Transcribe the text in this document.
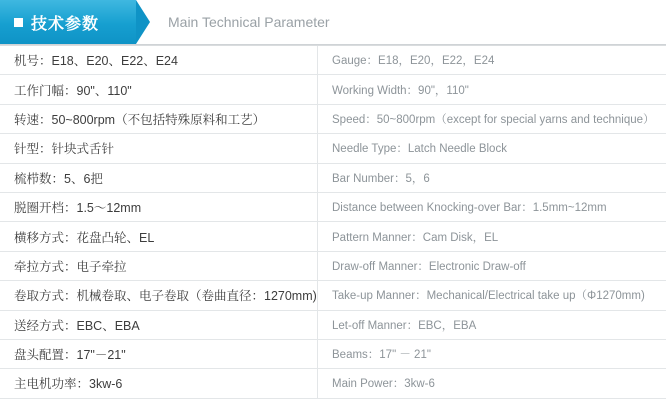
技术参数	Main Technical Parameter
机号：E18、E20、E22、E24	Gauge：E18，E20，E22，E24
工作门幅：90"、110"	Working Width：90"，110"
转速：50~800rpm（不包括特殊原料和工艺）	Speed：50~800rpm（except for special yarns and technique）
针型：针块式舌针	Needle Type：Latch Needle Block
梳栉数：5、6把	Bar Number：5，6
脱圈开档：1.5～12mm	Distance between Knocking-over Bar：1.5mm~12mm
横移方式：花盘凸轮、EL	Pattern Manner：Cam Disk，EL
牵拉方式：电子牵拉	Draw-off Manner：Electronic Draw-off
卷取方式：机械卷取、电子卷取（卷曲直径：1270mm)	Take-up Manner：Mechanical/Electrical take up（Φ1270mm)
送经方式：EBC、EBA	Let-off Manner：EBC，EBA
盘头配置：17"－21"	Beams：17" － 21"
主电机功率：3kw-6	Main Power：3kw-6
